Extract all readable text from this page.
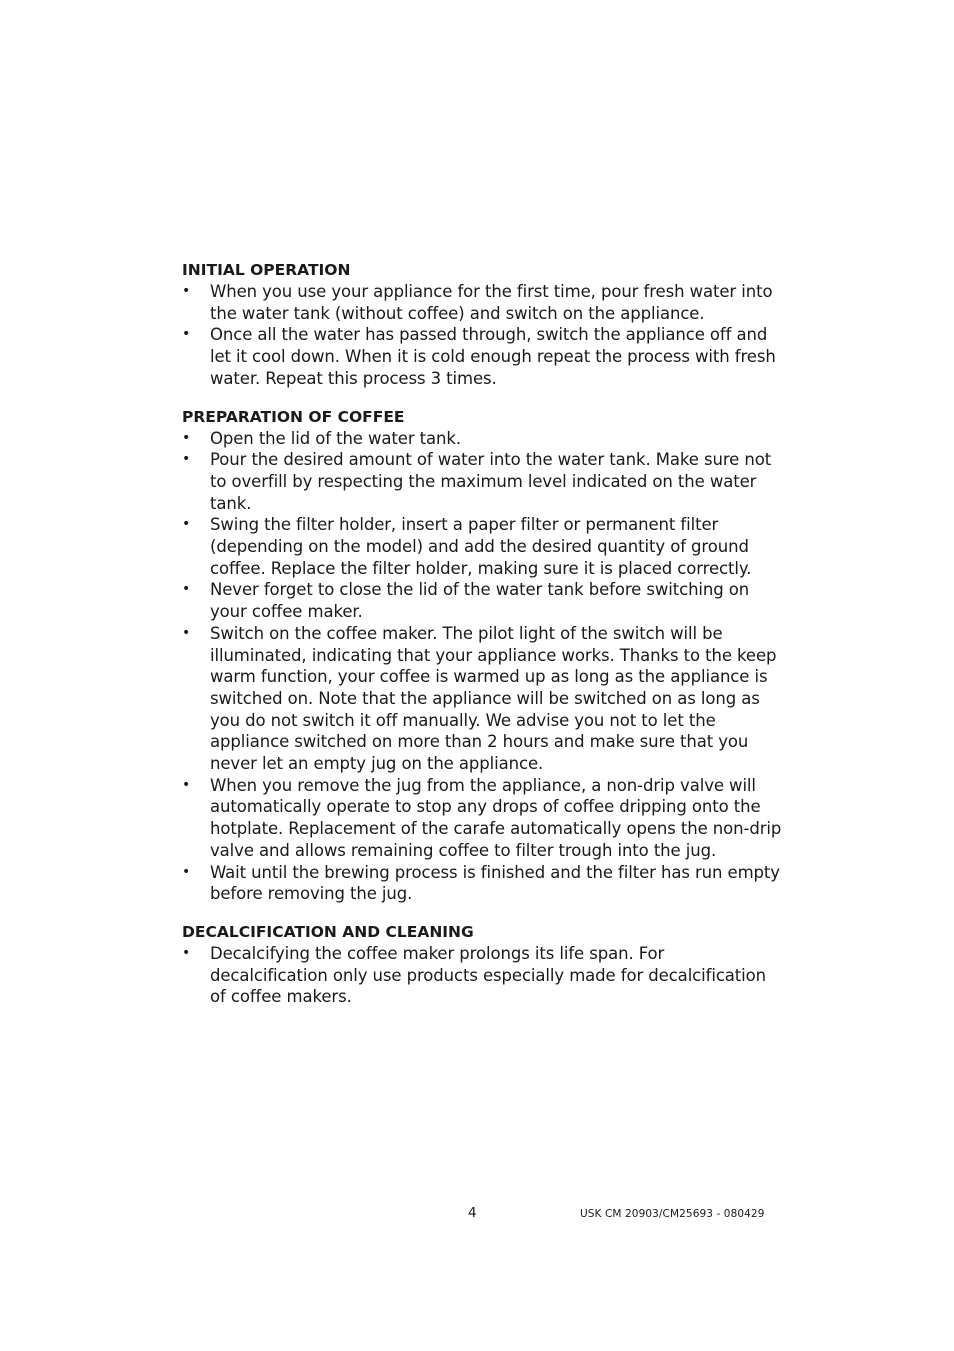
INITIAL OPERATION
• When you use your appliance for the first time, pour fresh water into the water tank (without coffee) and switch on the appliance.
• Once all the water has passed through, switch the appliance off and let it cool down. When it is cold enough repeat the process with fresh water. Repeat this process 3 times.
PREPARATION OF COFFEE
• Open the lid of the water tank.
• Pour the desired amount of water into the water tank. Make sure not to overfill by respecting the maximum level indicated on the water tank.
• Swing the filter holder, insert a paper filter or permanent filter (depending on the model) and add the desired quantity of ground coffee. Replace the filter holder, making sure it is placed correctly.
• Never forget to close the lid of the water tank before switching on your coffee maker.
• Switch on the coffee maker. The pilot light of the switch will be illuminated, indicating that your appliance works. Thanks to the keep warm function, your coffee is warmed up as long as the appliance is switched on. Note that the appliance will be switched on as long as you do not switch it off manually. We advise you not to let the appliance switched on more than 2 hours and make sure that you never let an empty jug on the appliance.
• When you remove the jug from the appliance, a non-drip valve will automatically operate to stop any drops of coffee dripping onto the hotplate. Replacement of the carafe automatically opens the non-drip valve and allows remaining coffee to filter trough into the jug.
• Wait until the brewing process is finished and the filter has run empty before removing the jug.
DECALCIFICATION AND CLEANING
• Decalcifying the coffee maker prolongs its life span. For decalcification only use products especially made for decalcification of coffee makers.
4	USK CM 20903/CM25693 - 080429
